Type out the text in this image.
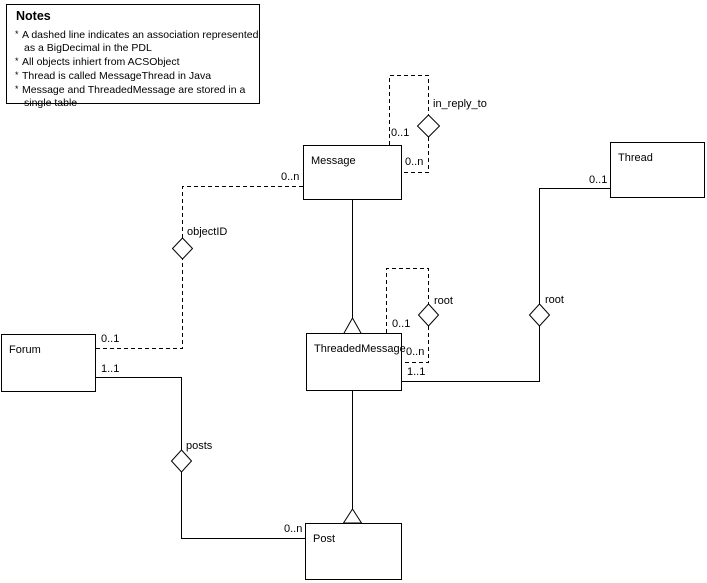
Notes
* A dashed line indicates an association represented
as a BigDecimal in the PDL
* All objects inhiert from ACSObject
* Thread is called MessageThread in Java
* Message and ThreadedMessage are stored in a
single table
Message	Thread
ThreadedMessage
Forum
Post
in_reply_to
objectID
posts
root	root
0..1
0..n
0..n
0..1
1..1
0..n
0..1
0..n
1..1
0..1
